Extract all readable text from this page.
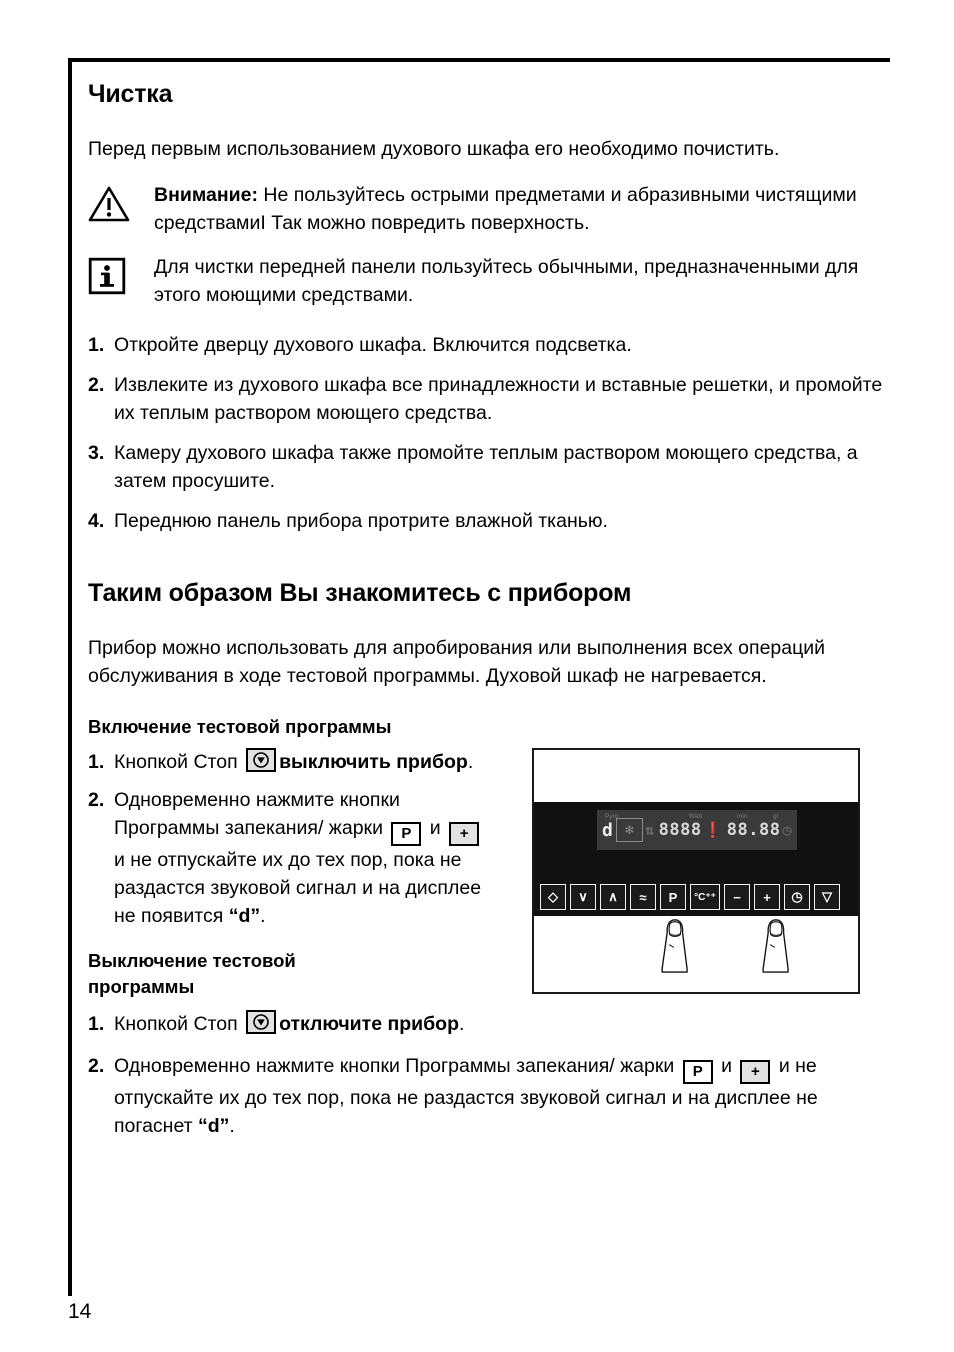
Чистка

Перед первым использованием духового шкафа его необходимо почистить.

Внимание: Не пользуйтесь острыми предметами и абразивными чистящими средствамиI Так можно повредить поверхность.
Для чистки передней панели пользуйтесь обычными, предназначенными для этого моющими средствами.
1. Откройте дверцу духового шкафа. Включится подсветка.
2. Извлеките из духового шкафа все принадлежности и вставные решетки, и промойте их теплым раствором моющего средства.
3. Камеру духового шкафа также промойте теплым раствором моющего средства, а затем просушите.
4. Переднюю панель прибора протрите влажной тканью.
Таким образом Вы знакомитесь с прибором

Прибор можно использовать для апробирования или выполнения всех операций обслуживания в ходе тестовой программы. Духовой шкаф не нагревается.

Включение тестовой программы
1. Кнопкой Стоп
выключить прибор.
2. Одновременно нажмите кнопки Программы запекания/ жарки P и + и не отпускайте их до тех пор, пока не раздастся звуковой сигнал и на дисплее не появится “d”.
Выключение тестовой программы
1. Кнопкой Стоп
отключите прибор.
Pyro	Watt	min	gr
d ✻ ⇅ 8888 ❗ 88.88 ◷
◇	∨	∧	≈	P	°C⁺⁺	−	+	◷	▽
2. Одновременно нажмите кнопки Программы запекания/ жарки P и + и не отпускайте их до тех пор, пока не раздастся звуковой сигнал и на дисплее не погаснет “d”.
14
